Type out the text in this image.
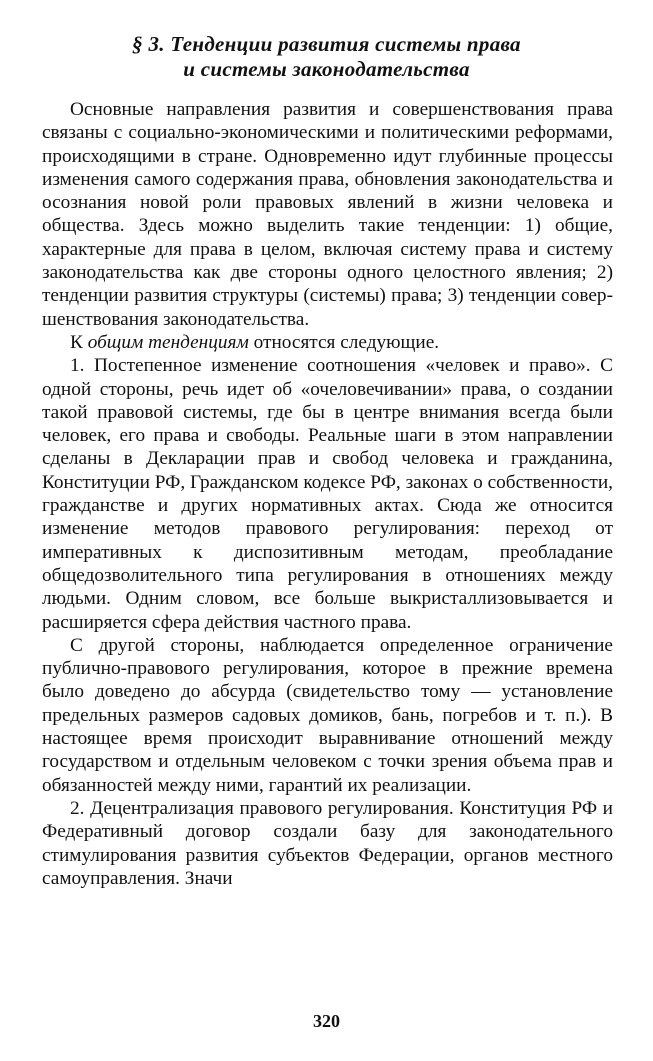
§ 3. Тенденции развития системы права
и системы законодательства

Основные направления развития и совершенствования права связаны с социально-экономическими и политическими реформами, происходящими в стране. Одновременно идут глубинные процессы изменения самого содержания права, обновления законодательства и осознания новой роли правовых явлений в жизни человека и общества. Здесь можно выделить такие тенденции: 1) общие, характерные для права в целом, включая систему права и систему законодательства как две стороны одного целостного явления; 2) тенденции развития структуры (системы) права; 3) тенденции совершенствования законодательства.

К общим тенденциям относятся следующие.

1. Постепенное изменение соотношения «человек и право». С одной стороны, речь идет об «очеловечивании» права, о создании такой правовой системы, где бы в центре внимания всегда были человек, его права и свободы. Реальные шаги в этом направлении сделаны в Декларации прав и свобод человека и гражданина, Конституции РФ, Гражданском кодексе РФ, законах о собственности, гражданстве и других нормативных актах. Сюда же относится изменение методов правового регулирования: переход от императивных к диспозитивным методам, преобладание общедозволительного типа регулирования в отношениях между людьми. Одним словом, все больше выкристаллизовывается и расширяется сфера действия частного права.

С другой стороны, наблюдается определенное ограничение публично-правового регулирования, которое в прежние времена было доведено до абсурда (свидетельство тому — установление предельных размеров садовых домиков, бань, погребов и т. п.). В настоящее время происходит выравнивание отношений между государством и отдельным человеком с точки зрения объема прав и обязанностей между ними, гарантий их реализации.

2. Децентрализация правового регулирования. Конституция РФ и Федеративный договор создали базу для законодательного стимулирования развития субъектов Федерации, органов местного самоуправления. Значи

320
